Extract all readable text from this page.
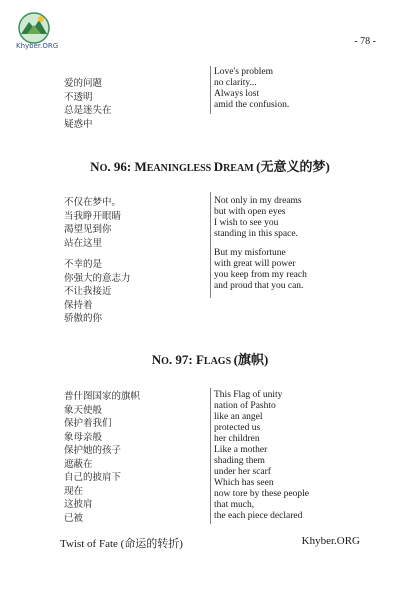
Khyber.ORG	- 78 -
爱的问题
不透明
总是迷失在
疑惑中
Love's problem
no clarity...
Always lost
amid the confusion.
NO. 96: MEANINGLESS DREAM (无意义的梦)
不仅在梦中。
当我睁开眼睛
渴望见到你
站在这里
不幸的是
你强大的意志力
不让我接近
保持着
骄傲的你
Not only in my dreams
but with open eyes
I wish to see you
standing in this space.
But my misfortune
with great will power
you keep from my reach
and proud that you can.
NO. 97: FLAGS (旗帜)
普什图国家的旗帜
象天使般
保护着我们
象母亲般
保护她的孩子
遮蔽在
自己的披肩下
现在
这披肩
已被
This Flag of unity
nation of Pashto
like an angel
protected us
her children
Like a mother
shading them
under her scarf
Which has seen
now tore by these people
that much,
the each piece declared
Twist of Fate (命运的转折)	Khyber.ORG
